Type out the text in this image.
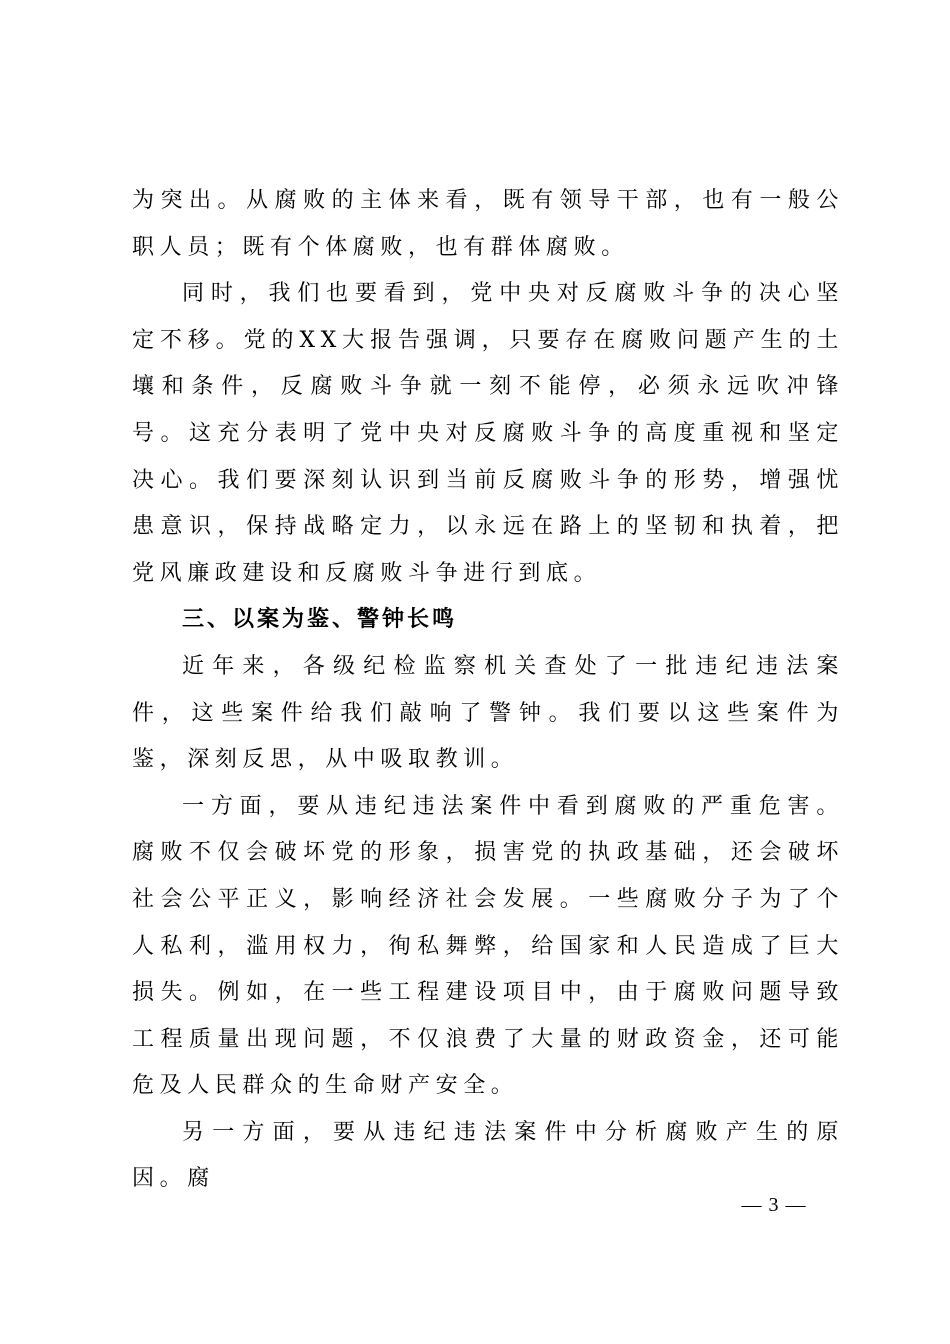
为突出。从腐败的主体来看，既有领导干部，也有一般公职人员；既有个体腐败，也有群体腐败。

同时，我们也要看到，党中央对反腐败斗争的决心坚定不移。党的XX大报告强调，只要存在腐败问题产生的土壤和条件，反腐败斗争就一刻不能停，必须永远吹冲锋号。这充分表明了党中央对反腐败斗争的高度重视和坚定决心。我们要深刻认识到当前反腐败斗争的形势，增强忧患意识，保持战略定力，以永远在路上的坚韧和执着，把党风廉政建设和反腐败斗争进行到底。

三、以案为鉴、警钟长鸣

近年来，各级纪检监察机关查处了一批违纪违法案件，这些案件给我们敲响了警钟。我们要以这些案件为鉴，深刻反思，从中吸取教训。

一方面，要从违纪违法案件中看到腐败的严重危害。腐败不仅会破坏党的形象，损害党的执政基础，还会破坏社会公平正义，影响经济社会发展。一些腐败分子为了个人私利，滥用权力，徇私舞弊，给国家和人民造成了巨大损失。例如，在一些工程建设项目中，由于腐败问题导致工程质量出现问题，不仅浪费了大量的财政资金，还可能危及人民群众的生命财产安全。

另一方面，要从违纪违法案件中分析腐败产生的原因。腐

— 3 —
